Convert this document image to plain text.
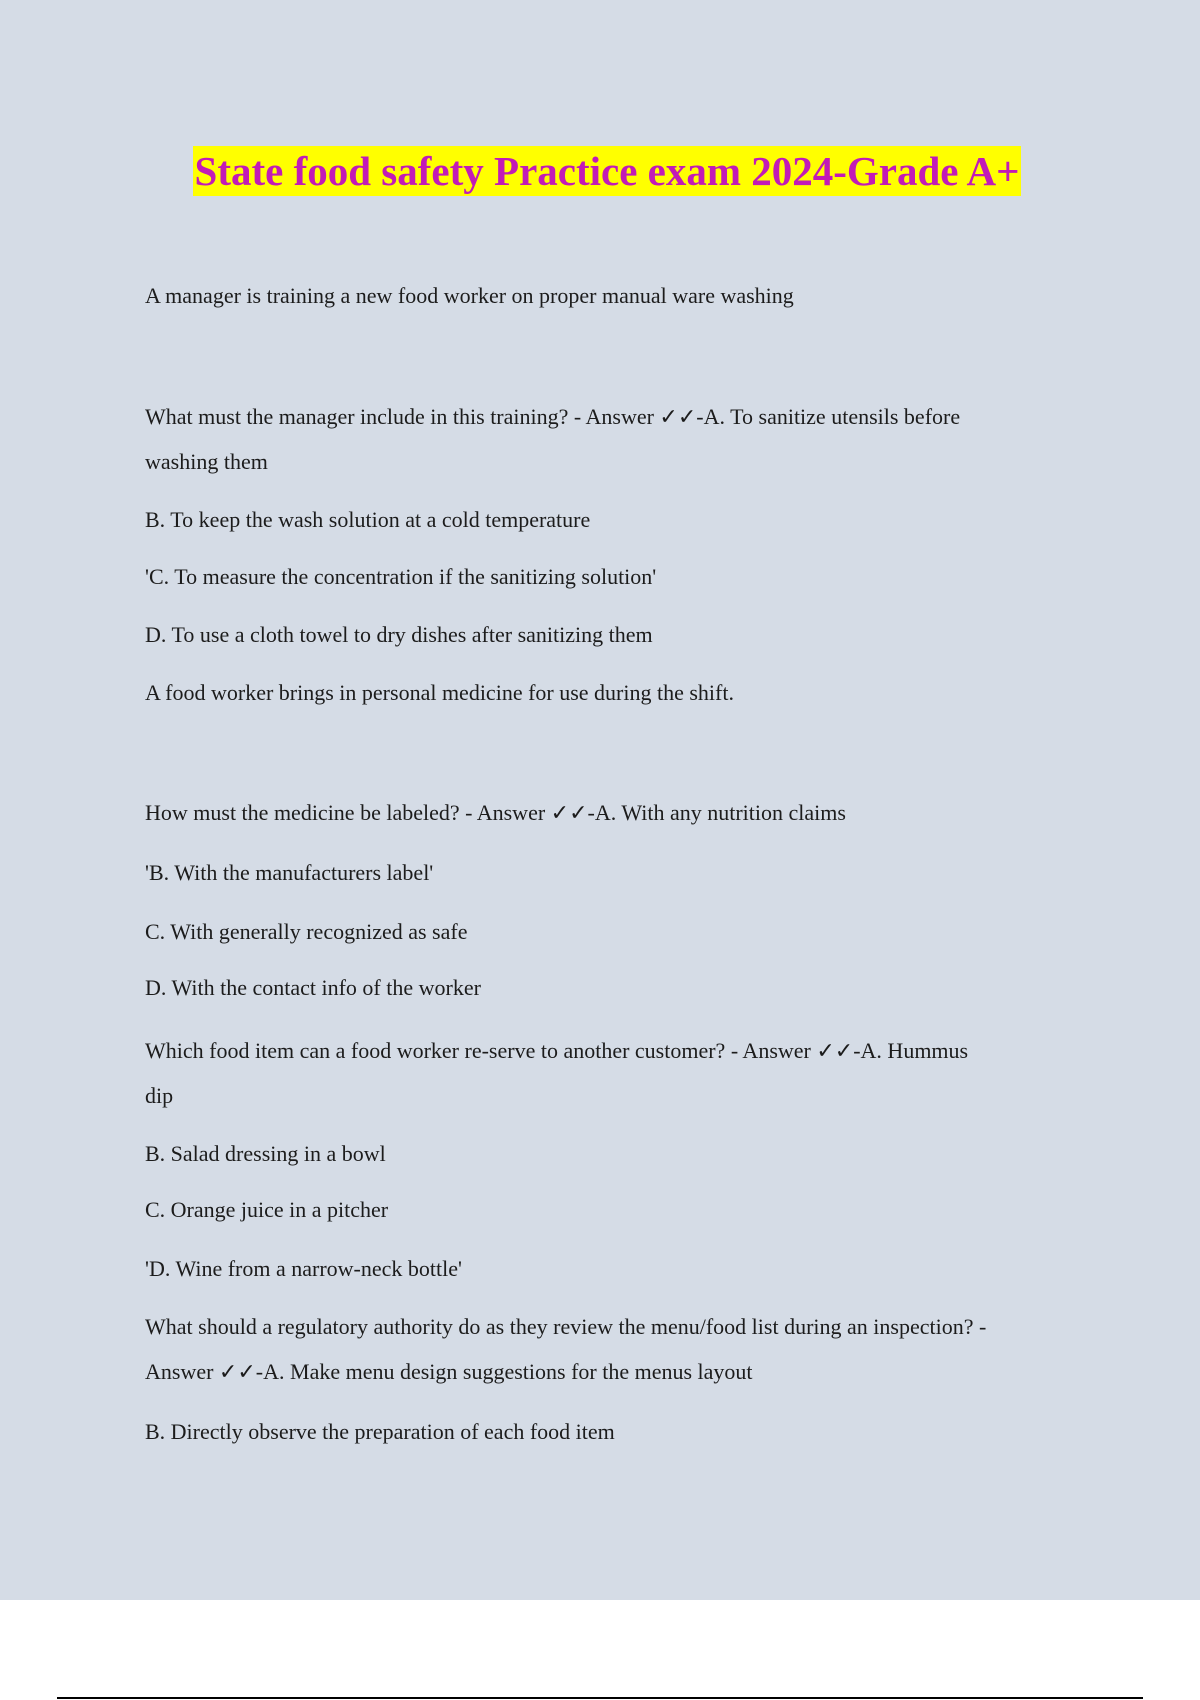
State food safety Practice exam 2024-Grade A+
A manager is training a new food worker on proper manual ware washing
What must the manager include in this training? - Answer ✓✓-A. To sanitize utensils before
washing them
B. To keep the wash solution at a cold temperature
'C. To measure the concentration if the sanitizing solution'
D. To use a cloth towel to dry dishes after sanitizing them
A food worker brings in personal medicine for use during the shift.
How must the medicine be labeled? - Answer ✓✓-A. With any nutrition claims
'B. With the manufacturers label'
C. With generally recognized as safe
D. With the contact info of the worker
Which food item can a food worker re-serve to another customer? - Answer ✓✓-A. Hummus
dip
B. Salad dressing in a bowl
C. Orange juice in a pitcher
'D. Wine from a narrow-neck bottle'
What should a regulatory authority do as they review the menu/food list during an inspection? -
Answer ✓✓-A. Make menu design suggestions for the menus layout
B. Directly observe the preparation of each food item
